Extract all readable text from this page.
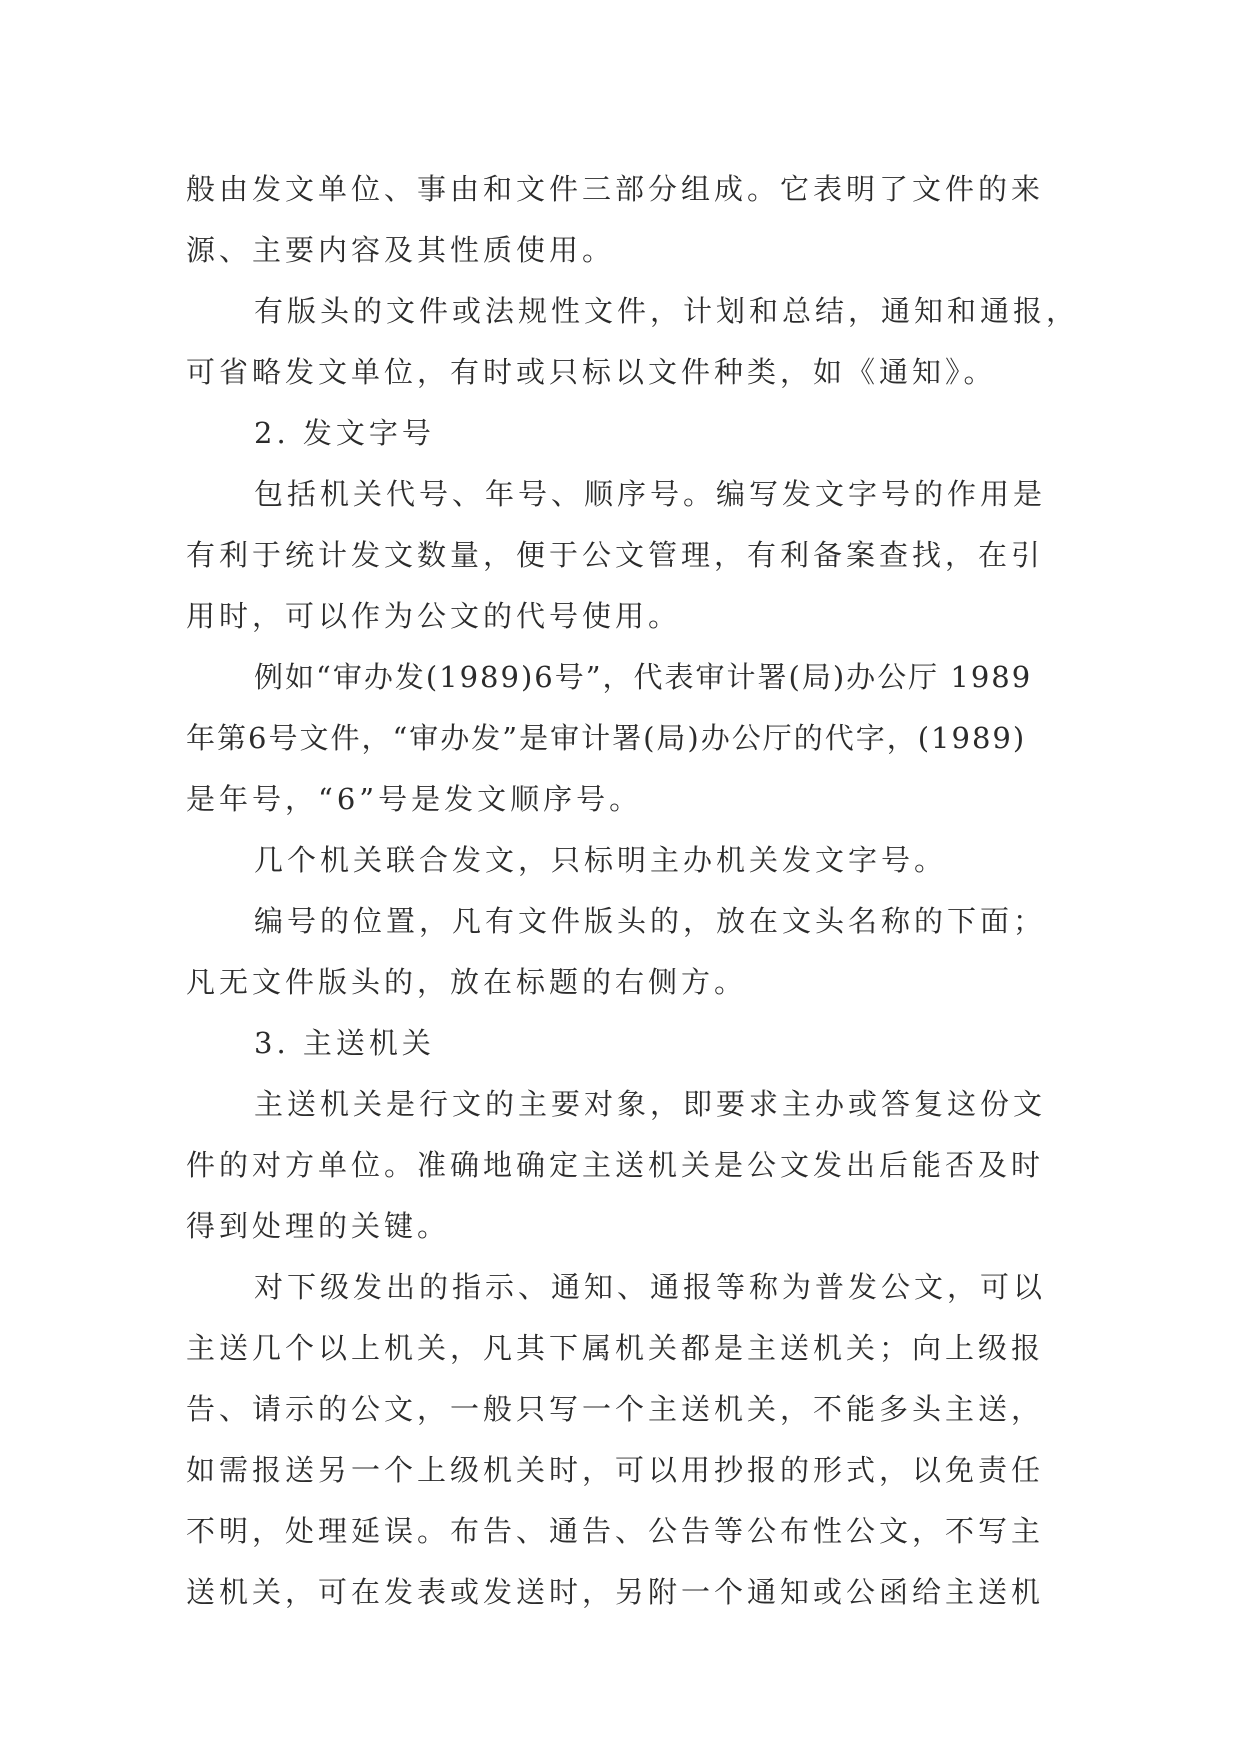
般由发文单位、事由和文件三部分组成。它表明了文件的来
源、主要内容及其性质使用。
有版头的文件或法规性文件，计划和总结，通知和通报，
可省略发文单位，有时或只标以文件种类，如《通知》。
2. 发文字号
包括机关代号、年号、顺序号。编写发文字号的作用是
有利于统计发文数量，便于公文管理，有利备案查找，在引
用时，可以作为公文的代号使用。
例如“审办发(1989)6号”，代表审计署(局)办公厅 1989
年第6号文件，“审办发”是审计署(局)办公厅的代字，(1989)
是年号，“6”号是发文顺序号。
几个机关联合发文，只标明主办机关发文字号。
编号的位置，凡有文件版头的，放在文头名称的下面；
凡无文件版头的，放在标题的右侧方。
3. 主送机关
主送机关是行文的主要对象，即要求主办或答复这份文
件的对方单位。准确地确定主送机关是公文发出后能否及时
得到处理的关键。
对下级发出的指示、通知、通报等称为普发公文，可以
主送几个以上机关，凡其下属机关都是主送机关；向上级报
告、请示的公文，一般只写一个主送机关，不能多头主送，
如需报送另一个上级机关时，可以用抄报的形式，以免责任
不明，处理延误。布告、通告、公告等公布性公文，不写主
送机关，可在发表或发送时，另附一个通知或公函给主送机
